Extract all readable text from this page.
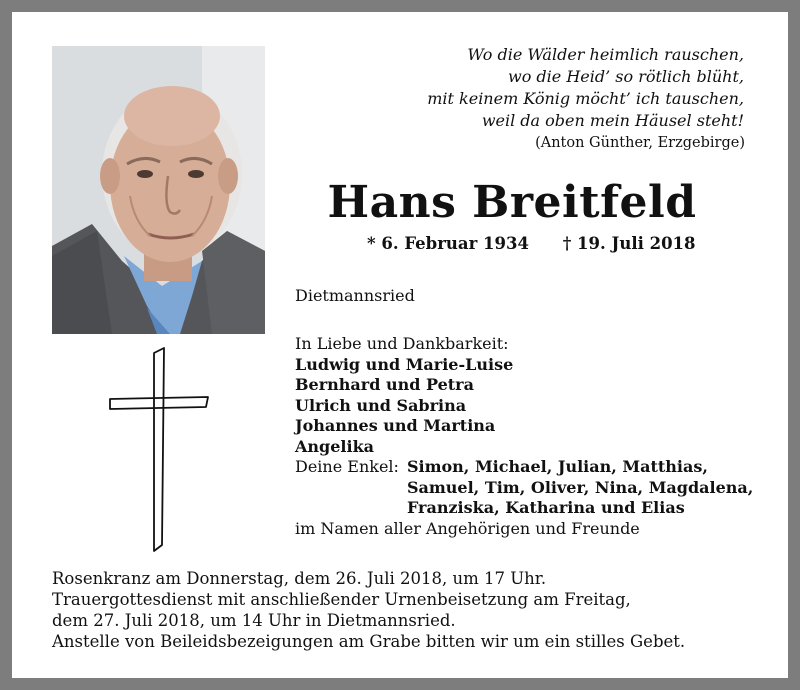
Wo die Wälder heimlich rauschen,
wo die Heid’ so rötlich blüht,
mit keinem König möcht’ ich tauschen,
weil da oben mein Häusel steht!
(Anton Günther, Erzgebirge)
Hans Breitfeld
* 6. Februar 1934 † 19. Juli 2018
Dietmannsried
In Liebe und Dankbarkeit:
Ludwig und Marie-Luise
Bernhard und Petra
Ulrich und Sabrina
Johannes und Martina
Angelika
Deine Enkel: Simon, Michael, Julian, Matthias,
Samuel, Tim, Oliver, Nina, Magdalena,
Franziska, Katharina und Elias
im Namen aller Angehörigen und Freunde
Rosenkranz am Donnerstag, dem 26. Juli 2018, um 17 Uhr.
Trauergottesdienst mit anschließender Urnenbeisetzung am Freitag,
dem 27. Juli 2018, um 14 Uhr in Dietmannsried.
Anstelle von Beileidsbezeigungen am Grabe bitten wir um ein stilles Gebet.
